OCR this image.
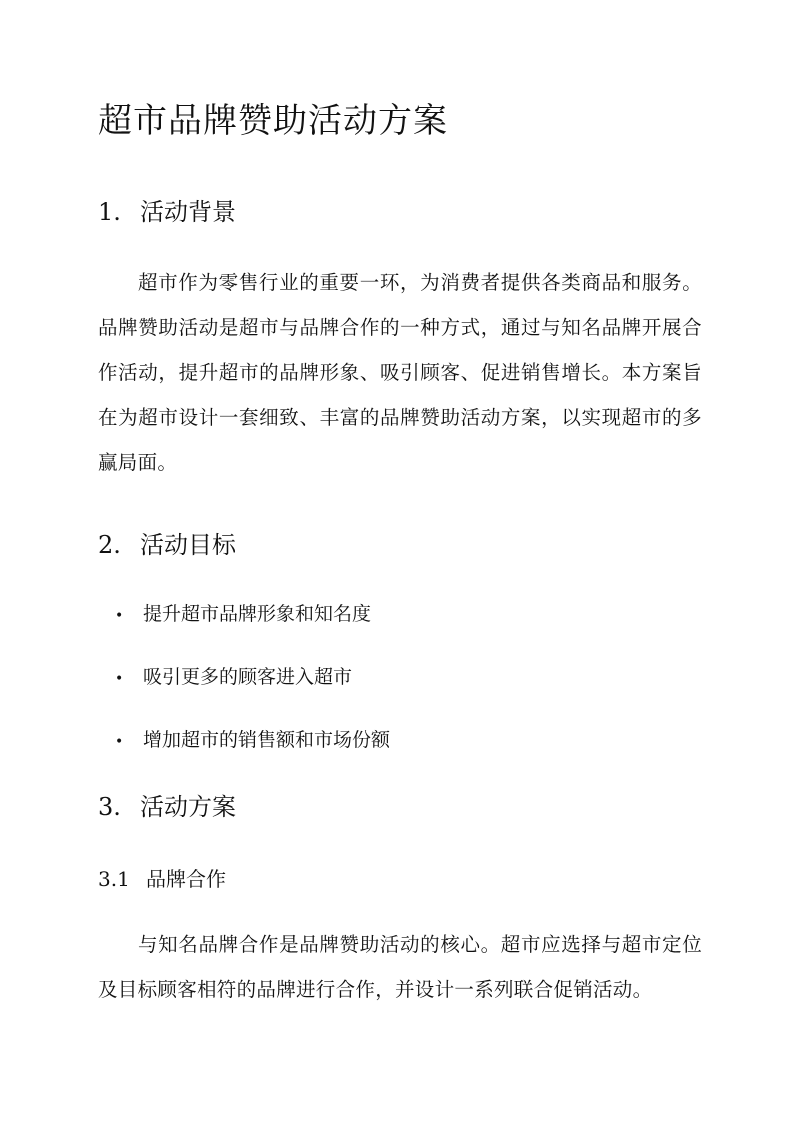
超市品牌赞助活动方案
1. 活动背景

超市作为零售行业的重要一环，为消费者提供各类商品和服务。品牌赞助活动是超市与品牌合作的一种方式，通过与知名品牌开展合作活动，提升超市的品牌形象、吸引顾客、促进销售增长。本方案旨在为超市设计一套细致、丰富的品牌赞助活动方案，以实现超市的多赢局面。

2. 活动目标
• 提升超市品牌形象和知名度
• 吸引更多的顾客进入超市
• 增加超市的销售额和市场份额
3. 活动方案
3.1 品牌合作

与知名品牌合作是品牌赞助活动的核心。超市应选择与超市定位及目标顾客相符的品牌进行合作，并设计一系列联合促销活动。
